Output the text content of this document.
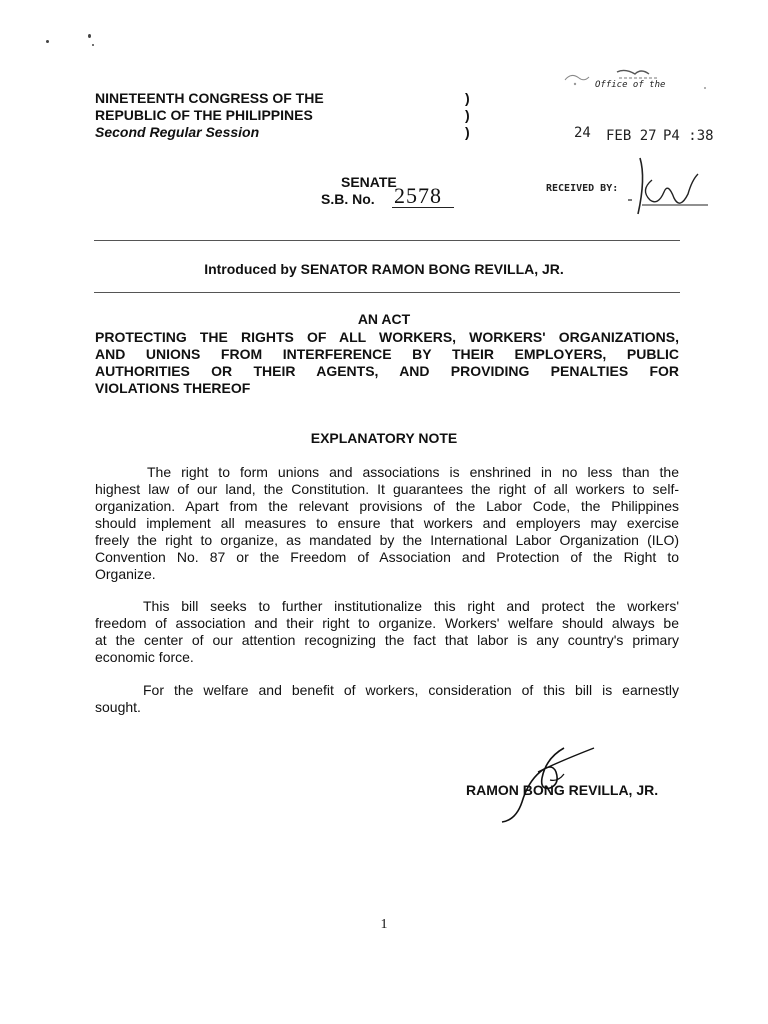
NINETEENTH CONGRESS OF THE
REPUBLIC OF THE PHILIPPINES
Second Regular Session
)
)
)
Office of the
24 FEB 27 P4 :38
RECEIVED BY:
SENATE
S.B. No. 2578
Introduced by SENATOR RAMON BONG REVILLA, JR.
AN ACT
PROTECTING THE RIGHTS OF ALL WORKERS, WORKERS' ORGANIZATIONS,
AND UNIONS FROM INTERFERENCE BY THEIR EMPLOYERS, PUBLIC
AUTHORITIES OR THEIR AGENTS, AND PROVIDING PENALTIES FOR
VIOLATIONS THEREOF
EXPLANATORY NOTE
The right to form unions and associations is enshrined in no less than the
highest law of our land, the Constitution. It guarantees the right of all workers to self-
organization. Apart from the relevant provisions of the Labor Code, the Philippines
should implement all measures to ensure that workers and employers may exercise
freely the right to organize, as mandated by the International Labor Organization (ILO)
Convention No. 87 or the Freedom of Association and Protection of the Right to
Organize.
This bill seeks to further institutionalize this right and protect the workers'
freedom of association and their right to organize. Workers' welfare should always be
at the center of our attention recognizing the fact that labor is any country's primary
economic force.
For the welfare and benefit of workers, consideration of this bill is earnestly
sought.
RAMON BONG REVILLA, JR.
1
